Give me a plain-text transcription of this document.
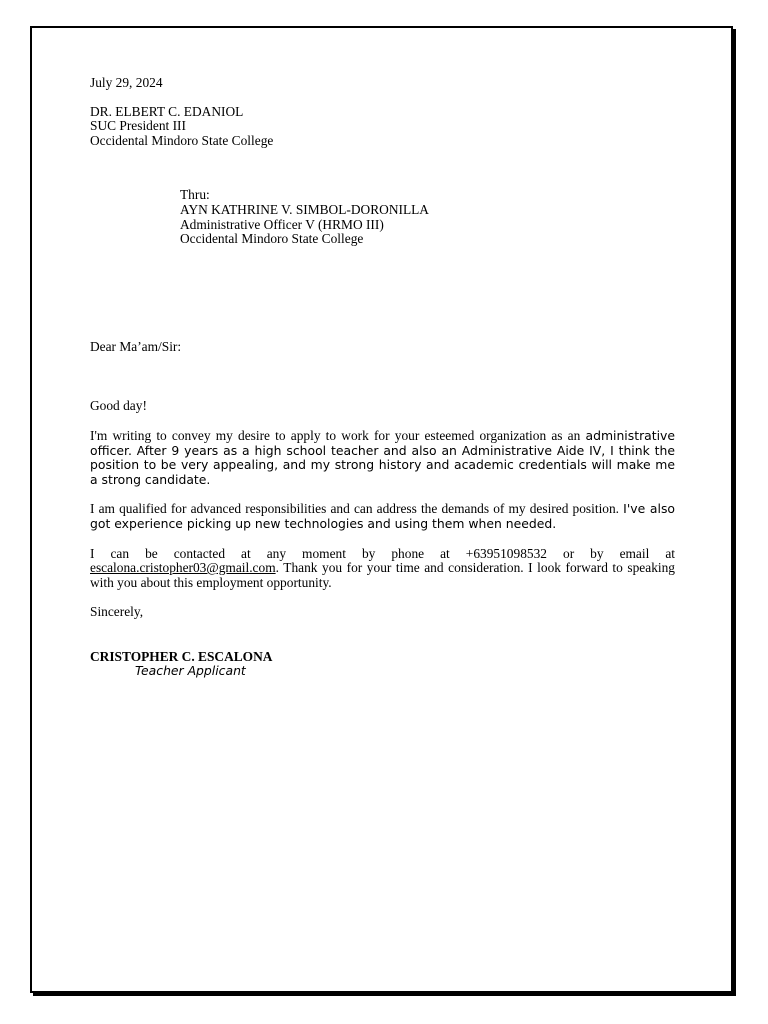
July 29, 2024
DR. ELBERT C. EDANIOL
SUC President III
Occidental Mindoro State College
Thru:
AYN KATHRINE V. SIMBOL-DORONILLA
Administrative Officer V (HRMO III)
Occidental Mindoro State College
Dear Ma’am/Sir:
Good day!

I'm writing to convey my desire to apply to work for your esteemed organization as an administrative officer. After 9 years as a high school teacher and also an Administrative Aide IV, I think the position to be very appealing, and my strong history and academic credentials will make me a strong candidate.

I am qualified for advanced responsibilities and can address the demands of my desired position. I've also got experience picking up new technologies and using them when needed.

I can be contacted at any moment by phone at +63951098532 or by email at escalona.cristopher03@gmail.com. Thank you for your time and consideration. I look forward to speaking with you about this employment opportunity.

Sincerely,
CRISTOPHER C. ESCALONA
Teacher Applicant
